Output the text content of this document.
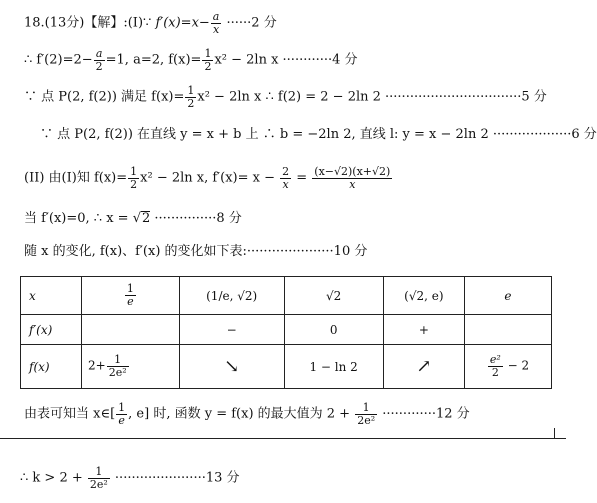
18.(13分)【解】:(I)∵ $f'(x)=x- \frac{a}{x} \cdot\cdot\cdot\cdot\cdot\cdot 2$ 分
∴ $f'(2)=2- \frac{a}{2} =1$, a=2, $f(x)= \frac{1}{2} x^2 - 2\ln$ x ············4 分
∵ 点 P(2, f(2)) 满足 $f(x)= \frac{1}{2} x^2 - 2\ln$ x ∴ f(2) = 2 − 2ln 2 ·································5 分
∵ 点 P(2, f(2)) 在直线 y = x + b 上 ∴ b = −2ln 2, 直线 l: y = x − 2ln 2 ···················6 分
(II) 由(I)知 $f(x)= \frac{1}{2} x^2 - 2\ln$ x, $f'(x)= x - \frac{2}{x} = \frac{(x-√2)(x+√2)}{x}$
当 f′(x)=0, ∴ x = √2 ···············8 分
随 x 的变化, f(x)、f′(x) 的变化如下表:·····················10 分
x	$\frac{1}{e}$	(1/e, √2)	√2	(√2, e)	e
f′(x)		−	0	+	
f(x)	$2+ \frac{1}{\text{2e²}}$	↘	1 − ln 2	↗	$\frac{\text{e²}}{2} - 2$
由表可知当 x∈[ $\frac{1}{e}$ , e] 时, 函数 y = f(x) 的最大值为 $2 + \frac{1}{\text{2e²}} \cdot\cdot\cdot\cdot\cdot\cdot\cdot\cdot\cdot\cdot\cdot\cdot\cdot 12$ 分
∴ $k > 2 + \frac{1}{\text{2e²}} \cdot\cdot\cdot\cdot\cdot\cdot\cdot\cdot\cdot\cdot\cdot\cdot\cdot\cdot\cdot\cdot\cdot\cdot\cdot\cdot\cdot\cdot 13$ 分
